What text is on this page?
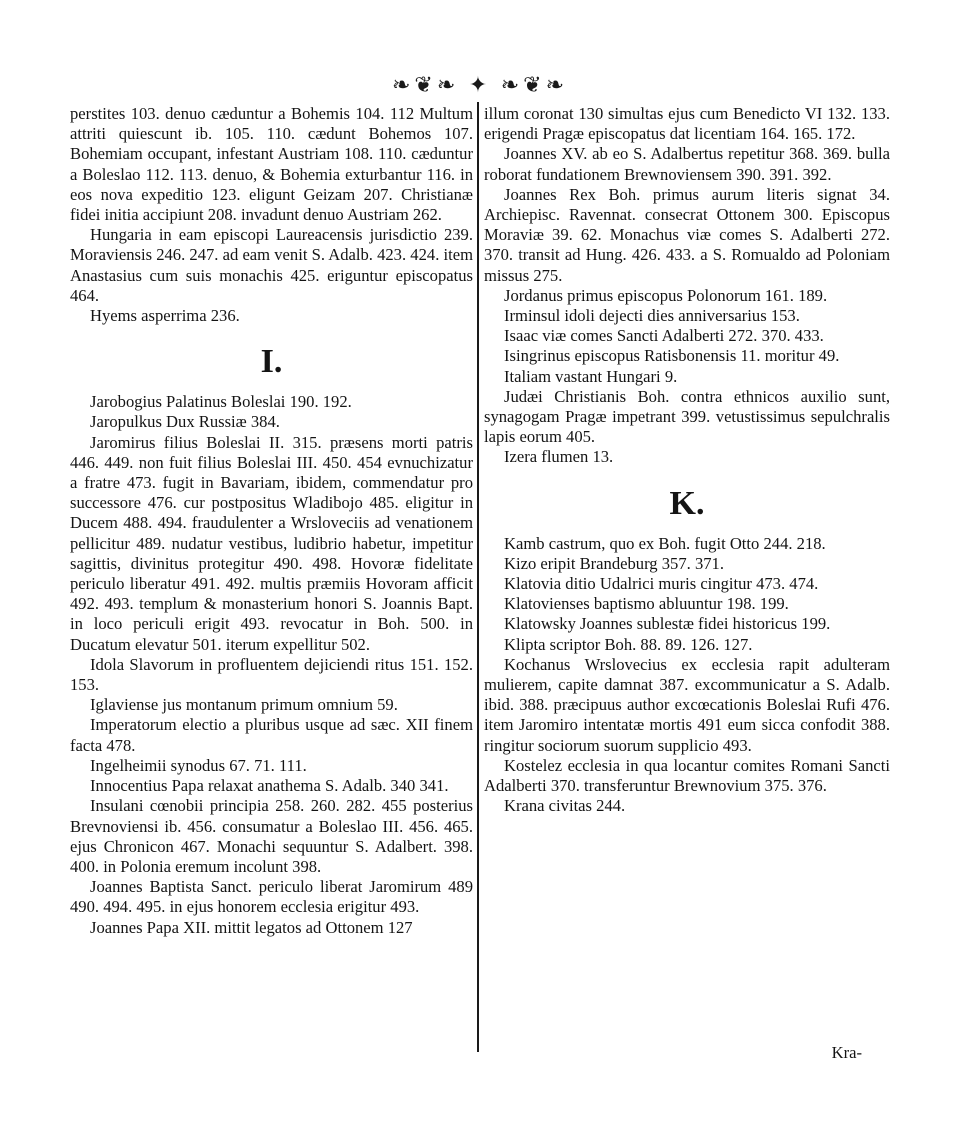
❧❦❧ ✦ ❧❦❧
perstites 103. denuo cæduntur a Bohemis 104. 112 Multum attriti quiescunt ib. 105. 110. cædunt Bohemos 107. Bohemiam occupant, infestant Austriam 108. 110. cæduntur a Boleslao 112. 113. denuo, & Bohemia exturbantur 116. in eos nova expeditio 123. eligunt Geizam 207. Christianæ fidei initia accipiunt 208. invadunt denuo Austriam 262.
Hungaria in eam episcopi Laureacensis jurisdictio 239. Moraviensis 246. 247. ad eam venit S. Adalb. 423. 424. item Anastasius cum suis monachis 425. eriguntur episcopatus 464.
Hyems asperrima 236.
I.
Jarobogius Palatinus Boleslai 190. 192.
Jaropulkus Dux Russiæ 384.
Jaromirus filius Boleslai II. 315. præsens morti patris 446. 449. non fuit filius Boleslai III. 450. 454 evnuchizatur a fratre 473. fugit in Bavariam, ibidem, commendatur pro successore 476. cur postpositus Wladibojo 485. eligitur in Ducem 488. 494. fraudulenter a Wrsloveciis ad venationem pellicitur 489. nudatur vestibus, ludibrio habetur, impetitur sagittis, divinitus protegitur 490. 498. Hovoræ fidelitate periculo liberatur 491. 492. multis præmiis Hovoram afficit 492. 493. templum & monasterium honori S. Joannis Bapt. in loco periculi erigit 493. revocatur in Boh. 500. in Ducatum elevatur 501. iterum expellitur 502.
Idola Slavorum in profluentem dejiciendi ritus 151. 152. 153.
Iglaviense jus montanum primum omnium 59.
Imperatorum electio a pluribus usque ad sæc. XII finem facta 478.
Ingelheimii synodus 67. 71. 111.
Innocentius Papa relaxat anathema S. Adalb. 340 341.
Insulani cœnobii principia 258. 260. 282. 455 posterius Brevnoviensi ib. 456. consumatur a Boleslao III. 456. 465. ejus Chronicon 467. Monachi sequuntur S. Adalbert. 398. 400. in Polonia eremum incolunt 398.
Joannes Baptista Sanct. periculo liberat Jaromirum 489 490. 494. 495. in ejus honorem ecclesia erigitur 493.
Joannes Papa XII. mittit legatos ad Ottonem 127
illum coronat 130 simultas ejus cum Benedicto VI 132. 133. erigendi Pragæ episcopatus dat licentiam 164. 165. 172.
Joannes XV. ab eo S. Adalbertus repetitur 368. 369. bulla roborat fundationem Brewnoviensem 390. 391. 392.
Joannes Rex Boh. primus aurum literis signat 34. Archiepisc. Ravennat. consecrat Ottonem 300. Episcopus Moraviæ 39. 62. Monachus viæ comes S. Adalberti 272. 370. transit ad Hung. 426. 433. a S. Romualdo ad Poloniam missus 275.
Jordanus primus episcopus Polonorum 161. 189.
Irminsul idoli dejecti dies anniversarius 153.
Isaac viæ comes Sancti Adalberti 272. 370. 433.
Isingrinus episcopus Ratisbonensis 11. moritur 49.
Italiam vastant Hungari 9.
Judæi Christianis Boh. contra ethnicos auxilio sunt, synagogam Pragæ impetrant 399. vetustissimus sepulchralis lapis eorum 405.
Izera flumen 13.
K.
Kamb castrum, quo ex Boh. fugit Otto 244. 218.
Kizo eripit Brandeburg 357. 371.
Klatovia ditio Udalrici muris cingitur 473. 474.
Klatovienses baptismo abluuntur 198. 199.
Klatowsky Joannes sublestæ fidei historicus 199.
Klipta scriptor Boh. 88. 89. 126. 127.
Kochanus Wrslovecius ex ecclesia rapit adulteram mulierem, capite damnat 387. excommunicatur a S. Adalb. ibid. 388. præcipuus author excœcationis Boleslai Rufi 476. item Jaromiro intentatæ mortis 491 eum sicca confodit 388. ringitur sociorum suorum supplicio 493.
Kostelez ecclesia in qua locantur comites Romani Sancti Adalberti 370. transferuntur Brewnovium 375. 376.
Krana civitas 244.
Kra-
